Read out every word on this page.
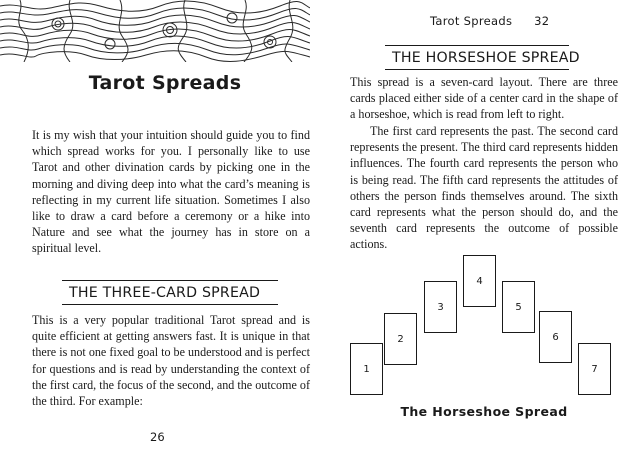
Tarot Spreads

It is my wish that your intuition should guide you to find which spread works for you. I personally like to use Tarot and other divination cards by picking one in the morning and diving deep into what the card’s meaning is reflecting in my current life situation. Sometimes I also like to draw a card before a ceremony or a hike into Nature and see what the journey has in store on a spiritual level.

THE THREE-CARD SPREAD

This is a very popular traditional Tarot spread and is quite efficient at getting answers fast. It is unique in that there is not one fixed goal to be understood and is perfect for questions and is read by understanding the context of the first card, the focus of the second, and the outcome of the third. For example:

26
Tarot Spreads 32
THE HORSESHOE SPREAD

This spread is a seven-card layout. There are three cards placed either side of a center card in the shape of a horseshoe, which is read from left to right.

The first card represents the past. The second card represents the present. The third card represents hidden influences. The fourth card represents the person who is being read. The fifth card represents the attitudes of others the person finds themselves around. The sixth card represents what the person should do, and the seventh card represents the outcome of possible actions.

1
2
3
4
5
6
7
The Horseshoe Spread
